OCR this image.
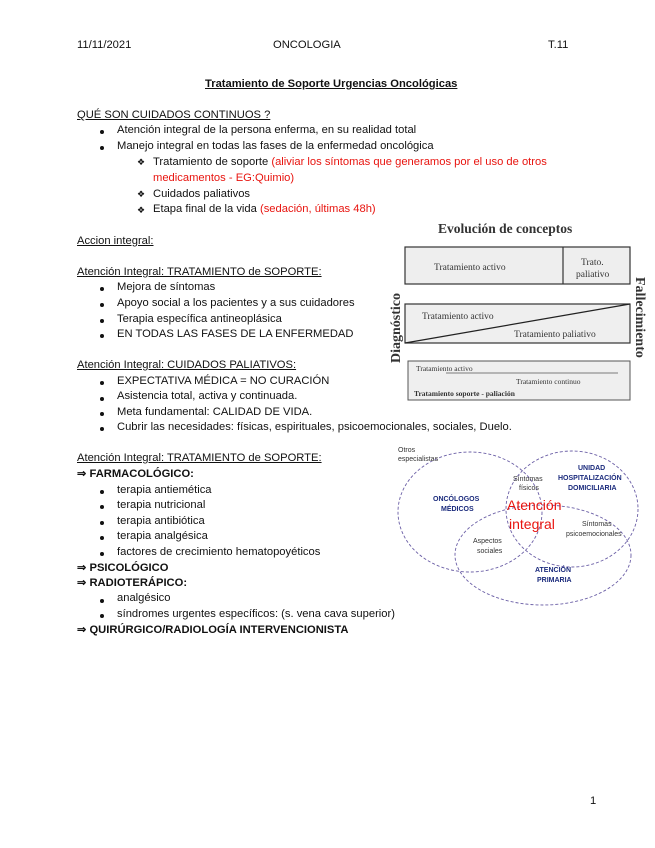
11/11/2021	ONCOLOGIA	T.11
Tratamiento de Soporte Urgencias Oncológicas
QUÉ SON CUIDADOS CONTINUOS ?
Atención integral de la persona enferma, en su realidad total
Manejo integral en todas las fases de la enfermedad oncológica
❖ Tratamiento de soporte (aliviar los síntomas que generamos por el uso de otros
medicamentos - EG:Quimio)
❖ Cuidados paliativos
❖ Etapa final de la vida (sedación, últimas 48h)
Accion integral:
Atención Integral: TRATAMIENTO de SOPORTE:
Mejora de síntomas
Apoyo social a los pacientes y a sus cuidadores
Terapia específica antineoplásica
EN TODAS LAS FASES DE LA ENFERMEDAD
Atención Integral: CUIDADOS PALIATIVOS:
EXPECTATIVA MÉDICA = NO CURACIÓN
Asistencia total, activa y continuada.
Meta fundamental: CALIDAD DE VIDA.
Cubrir las necesidades: físicas, espirituales, psicoemocionales, sociales, Duelo.
Atención Integral: TRATAMIENTO de SOPORTE:
⇒ FARMACOLÓGICO:
terapia antiemética
terapia nutricional
terapia antibiótica
terapia analgésica
factores de crecimiento hematopoyéticos
⇒ PSICOLÓGICO
⇒ RADIOTERÁPICO:
analgésico
síndromes urgentes específicos: (s. vena cava superior)
⇒ QUIRÚRGICO/RADIOLOGÍA INTERVENCIONISTA
Evolución de conceptos
Tratamiento activo	Trato.
paliativo
Tratamiento activo
Tratamiento paliativo
Tratamiento activo
Tratamiento continuo
Tratamiento soporte - paliación
Diagnóstico	Fallecimiento
Otros
especialistas
ONCÓLOGOS
MÉDICOS
Síntomas
físicos
UNIDAD
HOSPITALIZACIÓN
DOMICILIARIA
Atención
integral	Síntomas
psicoemocionales
Aspectos
sociales
ATENCIÓN
PRIMARIA
1
